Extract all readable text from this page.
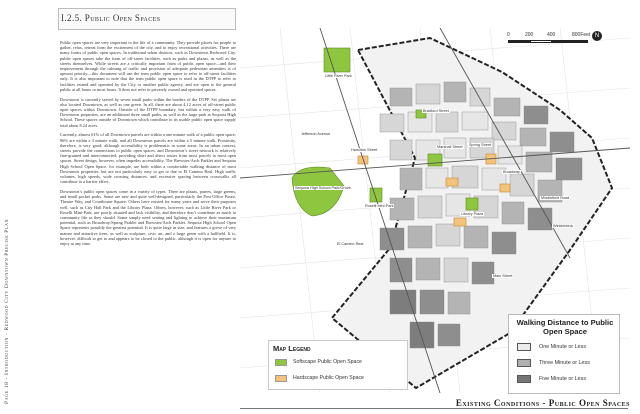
Page 18 - Introduction - Redwood City Downtown Precise Plan
I.2.5. Public Open Spaces

Public open spaces are very important to the life of a community. They provide places for people to gather, relax, retreat from the excitement of the city, and to enjoy recreational activities. There are many forms of public open spaces. In traditional urban districts, such as Downtown Redwood City, public open spaces take the form of off-street facilities, such as parks and plazas, as well as the streets themselves. While streets are a critically important form of public open space—and their improvement through the calming of traffic and provision of adequate pedestrian amenities is of upmost priority—this document will use the term public open space to refer to off-street facilities only. It is also important to note that the term public open space is used in the DTPP to refer to facilities owned and operated by the City or another public agency, and are open to the general public at all hours or most hours. It does not refer to privately owned and operated spaces.

Downtown is currently served by seven small parks within the borders of the DTPP. Six plazas are also located Downtown, as well as one green. In all, there are about 4.12 acres of off-street public open spaces within Downtown. Outside of the DTPP boundary, but within a very easy walk of Downtown properties, are an additional three small parks, as well as the large park at Sequoia High School. These spaces outside of Downtown which contribute to its usable public open space supply total about 8.24 acres.

Currently, almost 61% of all Downtown parcels are within a one minute walk of a public open space; 96% are within a 3 minute walk, and all Downtown parcels are within a 5 minute walk. Proximity, therefore, is very good; although accessibility is problematic in some areas. In an urban context, streets provide the connections to public open spaces, and Downtown’s street network is relatively fine-grained and interconnected, providing short and direct routes from most parcels to most open spaces. Street design, however, often impedes accessibility. The Brewster/Arch Parklet and Sequoia High School Open Space, for example, are both within a comfortable walking distance of most Downtown properties, but are not particularly easy to get to due to El Camino Real. High traffic volumes, high speeds, wide crossing distances, and excessive spacing between crosswalks all contribute to a barrier effect.

Downtown’s public open spaces come in a variety of types. There are plazas, pasees, large greens, and small pocket parks. Some are new and quite well-designed, particularly the Post Office Paseo, Theatre Way, and Courthouse Square. Others have existed for many years and serve their purposes well, such as City Hall Park and the Library Plaza. Others, however, such as Little River Park or Roselli Mini-Park, are poorly situated and lack visibility, and therefore don’t contribute as much to community life as they should. Some simply need seating and lighting to achieve their maximum potential, such as Broadway/Spring Parklet and Brewster/Arch Parklet. Sequoia High School Open Space represents possibly the greatest potential. It is quite large in size, and features a grove of very mature and attractive trees, as well as sculpture, civic art, and a large green with a ballfield. It is, however, difficult to get to and appears to be closed to the public, although it is open for anyone to enjoy at any time.

Bradford Street
Marshall Street Spring Street
Broadway
Middlefield Road
Winklebleck
El Camino Real
Jefferson Avenue
Hamilton Street
Main Street
Sequoia High School Park/Grove
Little River Park
Roselli Mini-Park
Library Plaza
0	200	400	800Feet N
Map Legend
Softscape Public Open Space
Hardscape Public Open Space
Walking Distance to Public Open Space
One Minute or Less
Three Minute or Less
Five Minute or Less
Existing Conditions - Public Open Spaces
